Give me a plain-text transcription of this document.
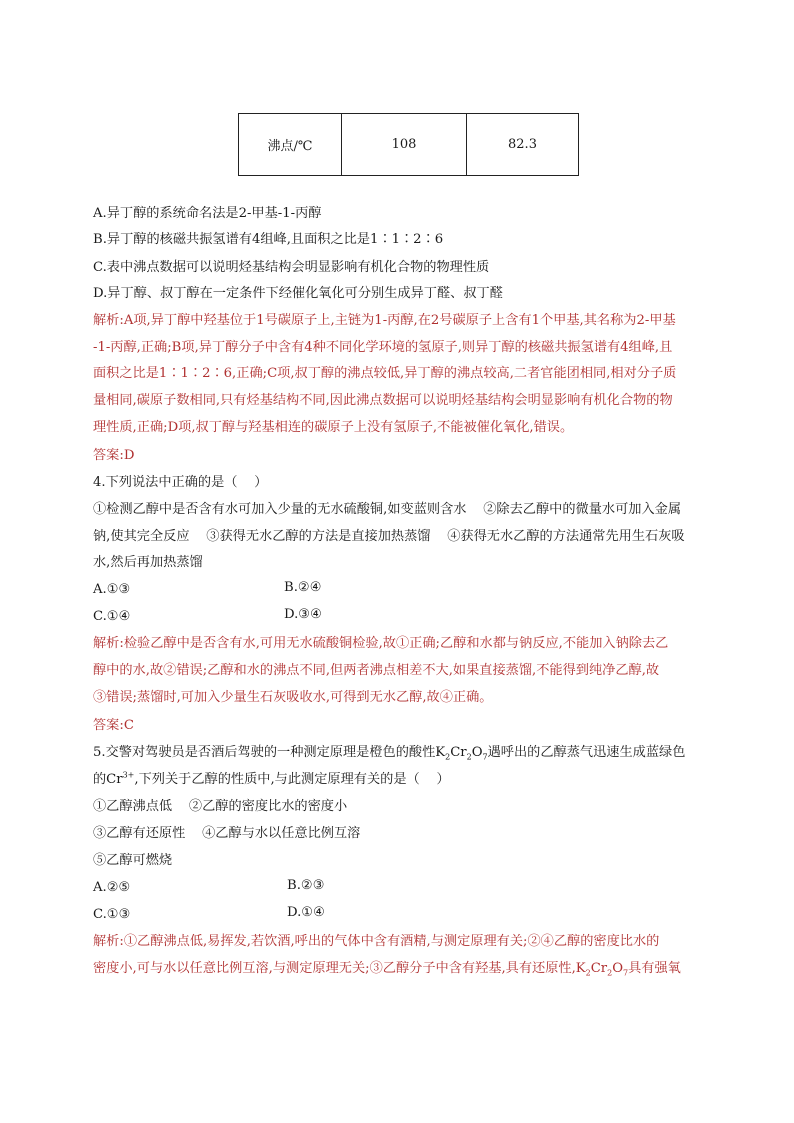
沸点/℃	108	82.3
A.异丁醇的系统命名法是2-甲基-1-丙醇
B.异丁醇的核磁共振氢谱有4组峰,且面积之比是1∶1∶2∶6
C.表中沸点数据可以说明烃基结构会明显影响有机化合物的物理性质
D.异丁醇、叔丁醇在一定条件下经催化氧化可分别生成异丁醛、叔丁醛
解析:A项,异丁醇中羟基位于1号碳原子上,主链为1-丙醇,在2号碳原子上含有1个甲基,其名称为2-甲基
-1-丙醇,正确;B项,异丁醇分子中含有4种不同化学环境的氢原子,则异丁醇的核磁共振氢谱有4组峰,且
面积之比是1∶1∶2∶6,正确;C项,叔丁醇的沸点较低,异丁醇的沸点较高,二者官能团相同,相对分子质
量相同,碳原子数相同,只有烃基结构不同,因此沸点数据可以说明烃基结构会明显影响有机化合物的物
理性质,正确;D项,叔丁醇与羟基相连的碳原子上没有氢原子,不能被催化氧化,错误。
答案:D
4.下列说法中正确的是（    ）
①检测乙醇中是否含有水可加入少量的无水硫酸铜,如变蓝则含水    ②除去乙醇中的微量水可加入金属
钠,使其完全反应    ③获得无水乙醇的方法是直接加热蒸馏    ④获得无水乙醇的方法通常先用生石灰吸
水,然后再加热蒸馏
A.①③	B.②④
C.①④	D.③④
解析:检验乙醇中是否含有水,可用无水硫酸铜检验,故①正确;乙醇和水都与钠反应,不能加入钠除去乙
醇中的水,故②错误;乙醇和水的沸点不同,但两者沸点相差不大,如果直接蒸馏,不能得到纯净乙醇,故
③错误;蒸馏时,可加入少量生石灰吸收水,可得到无水乙醇,故④正确。
答案:C
5.交警对驾驶员是否酒后驾驶的一种测定原理是橙色的酸性$K_2Cr_2O_7$遇呼出的乙醇蒸气迅速生成蓝绿色
的$Cr^{3+}$,下列关于乙醇的性质中,与此测定原理有关的是（    ）
①乙醇沸点低    ②乙醇的密度比水的密度小
③乙醇有还原性    ④乙醇与水以任意比例互溶
⑤乙醇可燃烧
A.②⑤	B.②③
C.①③	D.①④
解析:①乙醇沸点低,易挥发,若饮酒,呼出的气体中含有酒精,与测定原理有关;②④乙醇的密度比水的
密度小,可与水以任意比例互溶,与测定原理无关;③乙醇分子中含有羟基,具有还原性$,K_2Cr_2O_7$具有强氧
